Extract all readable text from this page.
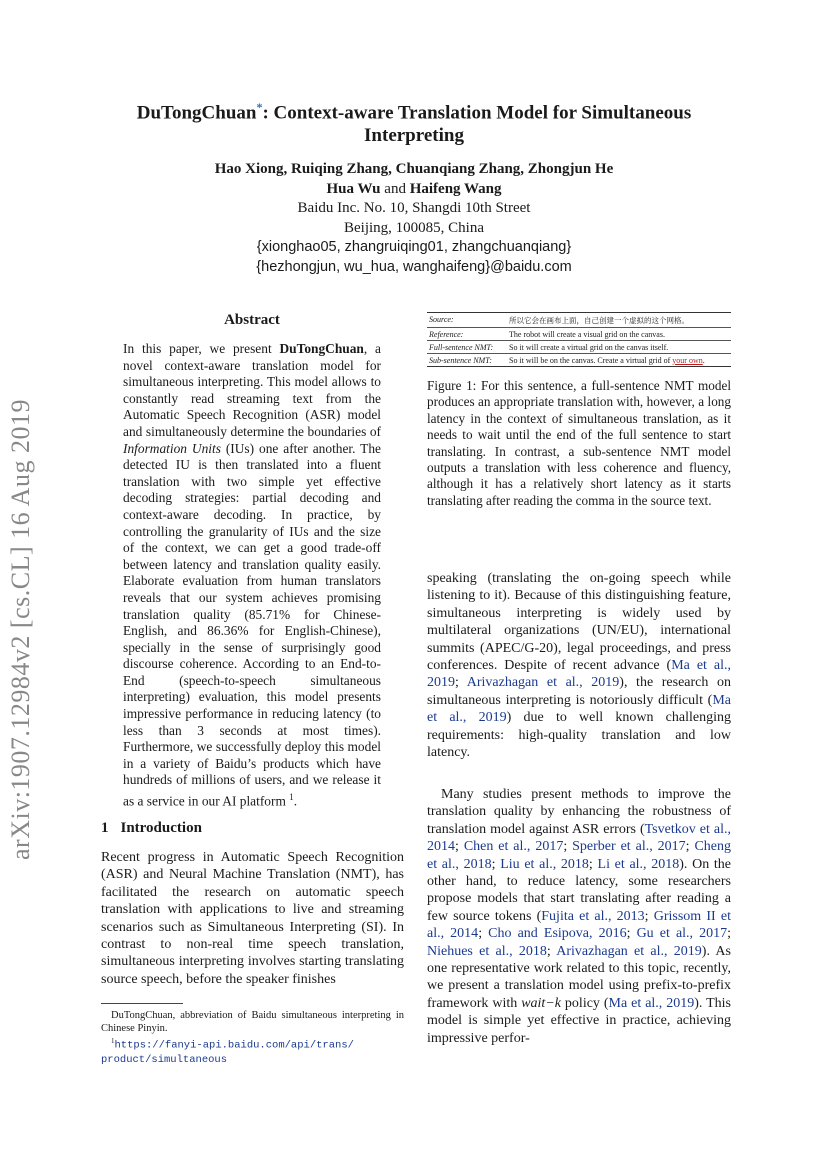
arXiv:1907.12984v2 [cs.CL] 16 Aug 2019
DuTongChuan*: Context-aware Translation Model for Simultaneous
Interpreting
Hao Xiong, Ruiqing Zhang, Chuanqiang Zhang, Zhongjun He
Hua Wu and Haifeng Wang
Baidu Inc. No. 10, Shangdi 10th Street
Beijing, 100085, China
{xionghao05, zhangruiqing01, zhangchuanqiang}
{hezhongjun, wu_hua, wanghaifeng}@baidu.com
Abstract

In this paper, we present DuTongChuan, a novel context-aware translation model for simultaneous interpreting. This model allows to constantly read streaming text from the Automatic Speech Recognition (ASR) model and simultaneously determine the boundaries of Information Units (IUs) one after another. The detected IU is then translated into a fluent translation with two simple yet effective decoding strategies: partial decoding and context-aware decoding. In practice, by controlling the granularity of IUs and the size of the context, we can get a good trade-off between latency and translation quality easily. Elaborate evaluation from human translators reveals that our system achieves promising translation quality (85.71% for Chinese-English, and 86.36% for English-Chinese), specially in the sense of surprisingly good discourse coherence. According to an End-to-End (speech-to-speech simultaneous interpreting) evaluation, this model presents impressive performance in reducing latency (to less than 3 seconds at most times). Furthermore, we successfully deploy this model in a variety of Baidu’s products which have hundreds of millions of users, and we release it as a service in our AI platform $^1$.

1 Introduction

Recent progress in Automatic Speech Recognition (ASR) and Neural Machine Translation (NMT), has facilitated the research on automatic speech translation with applications to live and streaming scenarios such as Simultaneous Interpreting (SI). In contrast to non-real time speech translation, simultaneous interpreting involves starting translating source speech, before the speaker finishes

DuTongChuan, abbreviation of Baidu simultaneous interpreting in Chinese Pinyin.
$^1$https://fanyi-api.baidu.com/api/trans/
product/simultaneous
Source:	所以它会在画布上面，自己创建一个虚拟的这个网格。
Reference:	The robot will create a visual grid on the canvas.
Full-sentence NMT:	So it will create a virtual grid on the canvas itself.
Sub-sentence NMT:	So it will be on the canvas. Create a virtual grid of your own.
Figure 1: For this sentence, a full-sentence NMT model produces an appropriate translation with, however, a long latency in the context of simultaneous translation, as it needs to wait until the end of the full sentence to start translating. In contrast, a sub-sentence NMT model outputs a translation with less coherence and fluency, although it has a relatively short latency as it starts translating after reading the comma in the source text.

speaking (translating the on-going speech while listening to it). Because of this distinguishing feature, simultaneous interpreting is widely used by multilateral organizations (UN/EU), international summits (APEC/G-20), legal proceedings, and press conferences. Despite of recent advance (Ma et al., 2019; Arivazhagan et al., 2019), the research on simultaneous interpreting is notoriously difficult (Ma et al., 2019) due to well known challenging requirements: high-quality translation and low latency.

Many studies present methods to improve the translation quality by enhancing the robustness of translation model against ASR errors (Tsvetkov et al., 2014; Chen et al., 2017; Sperber et al., 2017; Cheng et al., 2018; Liu et al., 2018; Li et al., 2018). On the other hand, to reduce latency, some researchers propose models that start translating after reading a few source tokens (Fujita et al., 2013; Grissom II et al., 2014; Cho and Esipova, 2016; Gu et al., 2017; Niehues et al., 2018; Arivazhagan et al., 2019). As one representative work related to this topic, recently, we present a translation model using prefix-to-prefix framework with wait−k policy (Ma et al., 2019). This model is simple yet effective in practice, achieving impressive perfor-
